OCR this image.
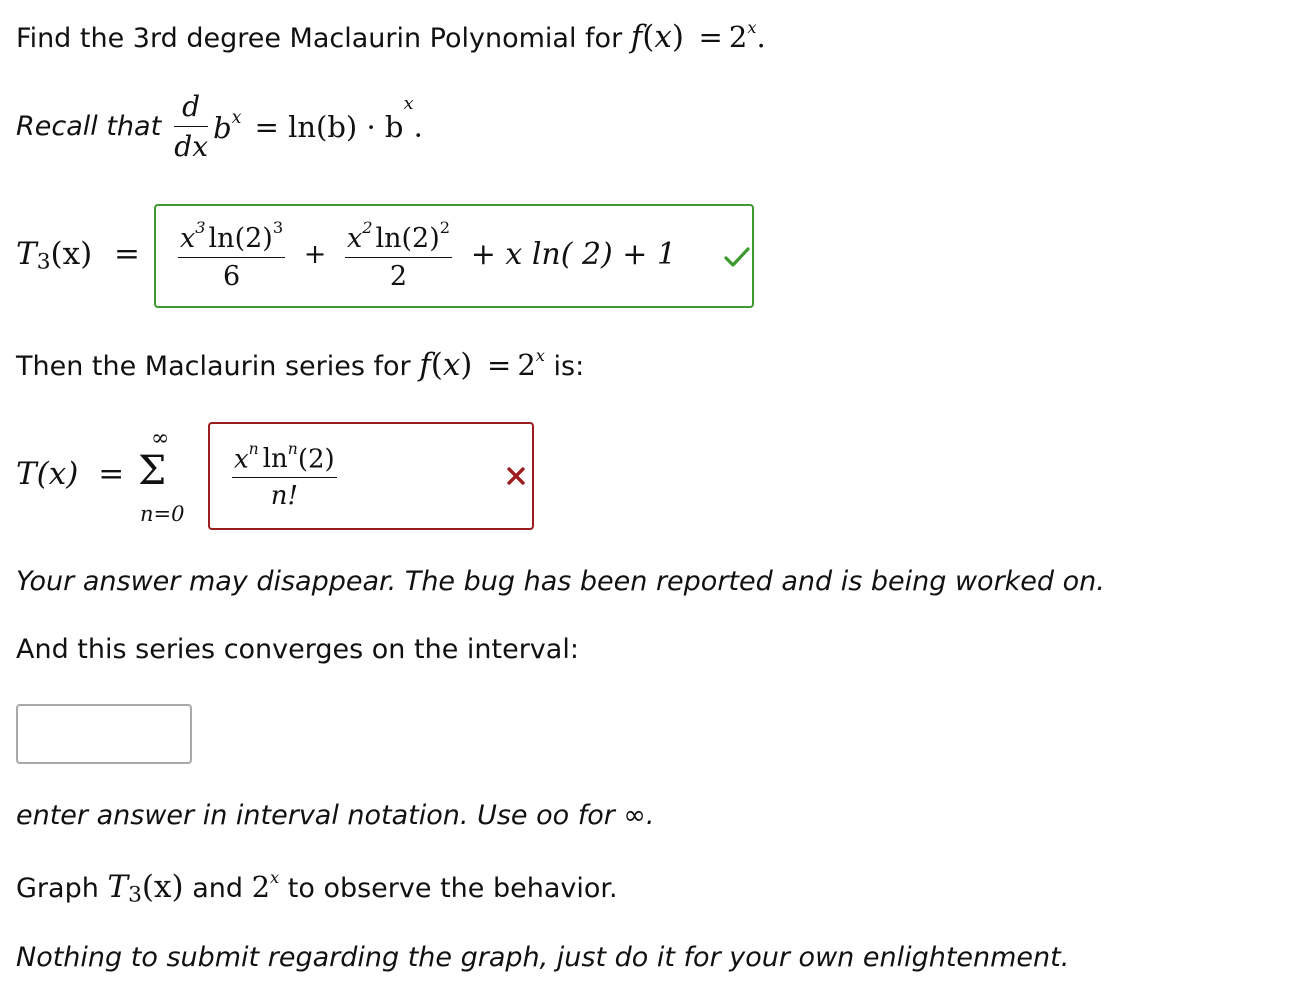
Find the 3rd degree Maclaurin Polynomial for $f(x) = 2^x$.
Recall that $\frac{d}{dx} b^x = \ln(b)$ · bx.
$T_3(x) = \frac{x^3 \ln(2)^3}{6} + \frac{x^2 \ln(2)^2}{2} + x$ ln( 2) + 1
Then the Maclaurin series for $f(x) = 2^x$ is:
T(x) =
∞
Σ
n=0
$\frac{x^n \ln^n(2)}{n!}$
Your answer may disappear. The bug has been reported and is being worked on.
And this series converges on the interval:
enter answer in interval notation. Use oo for ∞.
Graph $T_3(x)$ and 2$^x$ to observe the behavior.
Nothing to submit regarding the graph, just do it for your own enlightenment.
